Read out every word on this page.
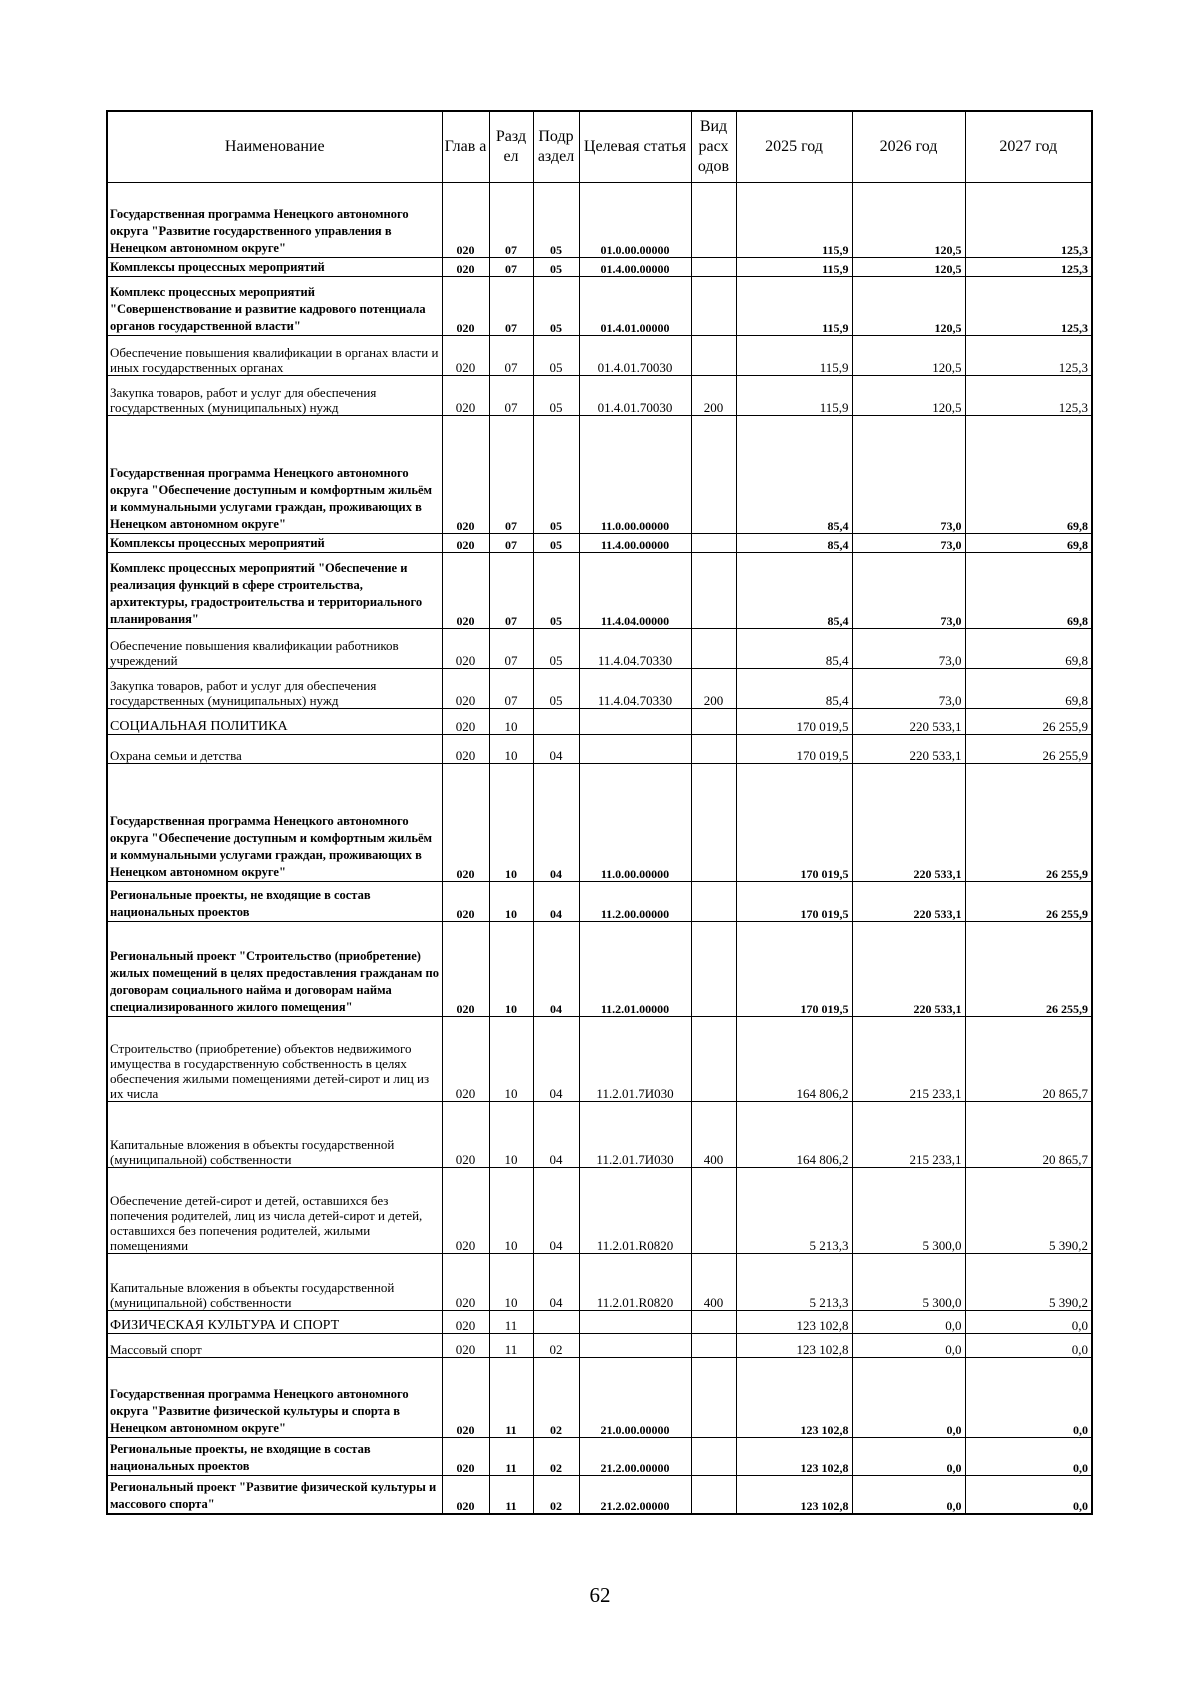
Наименование	Глав а	Разд ел	Подр аздел	Целевая статья	Вид расх одов	2025 год	2026 год	2027 год
Государственная программа Ненецкого автономного округа "Развитие государственного управления в Ненецком автономном округе"	020	07	05	01.0.00.00000		115,9	120,5	125,3
Комплексы процессных мероприятий	020	07	05	01.4.00.00000		115,9	120,5	125,3
Комплекс процессных мероприятий "Совершенствование и развитие кадрового потенциала органов государственной власти"	020	07	05	01.4.01.00000		115,9	120,5	125,3
Обеспечение повышения квалификации в органах власти и иных государственных органах	020	07	05	01.4.01.70030		115,9	120,5	125,3
Закупка товаров, работ и услуг для обеспечения государственных (муниципальных) нужд	020	07	05	01.4.01.70030	200	115,9	120,5	125,3
Государственная программа Ненецкого автономного округа "Обеспечение доступным и комфортным жильём и коммунальными услугами граждан, проживающих в Ненецком автономном округе"	020	07	05	11.0.00.00000		85,4	73,0	69,8
Комплексы процессных мероприятий	020	07	05	11.4.00.00000		85,4	73,0	69,8
Комплекс процессных мероприятий "Обеспечение и реализация функций в сфере строительства, архитектуры, градостроительства и территориального планирования"	020	07	05	11.4.04.00000		85,4	73,0	69,8
Обеспечение повышения квалификации работников учреждений	020	07	05	11.4.04.70330		85,4	73,0	69,8
Закупка товаров, работ и услуг для обеспечения государственных (муниципальных) нужд	020	07	05	11.4.04.70330	200	85,4	73,0	69,8
СОЦИАЛЬНАЯ ПОЛИТИКА	020	10				170 019,5	220 533,1	26 255,9
Охрана семьи и детства	020	10	04			170 019,5	220 533,1	26 255,9
Государственная программа Ненецкого автономного округа "Обеспечение доступным и комфортным жильём и коммунальными услугами граждан, проживающих в Ненецком автономном округе"	020	10	04	11.0.00.00000		170 019,5	220 533,1	26 255,9
Региональные проекты, не входящие в состав национальных проектов	020	10	04	11.2.00.00000		170 019,5	220 533,1	26 255,9
Региональный проект "Строительство (приобретение) жилых помещений в целях предоставления гражданам по договорам социального найма и договорам найма специализированного жилого помещения"	020	10	04	11.2.01.00000		170 019,5	220 533,1	26 255,9
Строительство (приобретение) объектов недвижимого имущества в государственную собственность в целях обеспечения жилыми помещениями детей-сирот и лиц из их числа	020	10	04	11.2.01.7И030		164 806,2	215 233,1	20 865,7
Капитальные вложения в объекты государственной (муниципальной) собственности	020	10	04	11.2.01.7И030	400	164 806,2	215 233,1	20 865,7
Обеспечение детей-сирот и детей, оставшихся без попечения родителей, лиц из числа детей-сирот и детей, оставшихся без попечения родителей, жилыми помещениями	020	10	04	11.2.01.R0820		5 213,3	5 300,0	5 390,2
Капитальные вложения в объекты государственной (муниципальной) собственности	020	10	04	11.2.01.R0820	400	5 213,3	5 300,0	5 390,2
ФИЗИЧЕСКАЯ КУЛЬТУРА И СПОРТ	020	11				123 102,8	0,0	0,0
Массовый спорт	020	11	02			123 102,8	0,0	0,0
Государственная программа Ненецкого автономного округа "Развитие физической культуры и спорта в Ненецком автономном округе"	020	11	02	21.0.00.00000		123 102,8	0,0	0,0
Региональные проекты, не входящие в состав национальных проектов	020	11	02	21.2.00.00000		123 102,8	0,0	0,0
Региональный проект "Развитие физической культуры и массового спорта"	020	11	02	21.2.02.00000		123 102,8	0,0	0,0
62
